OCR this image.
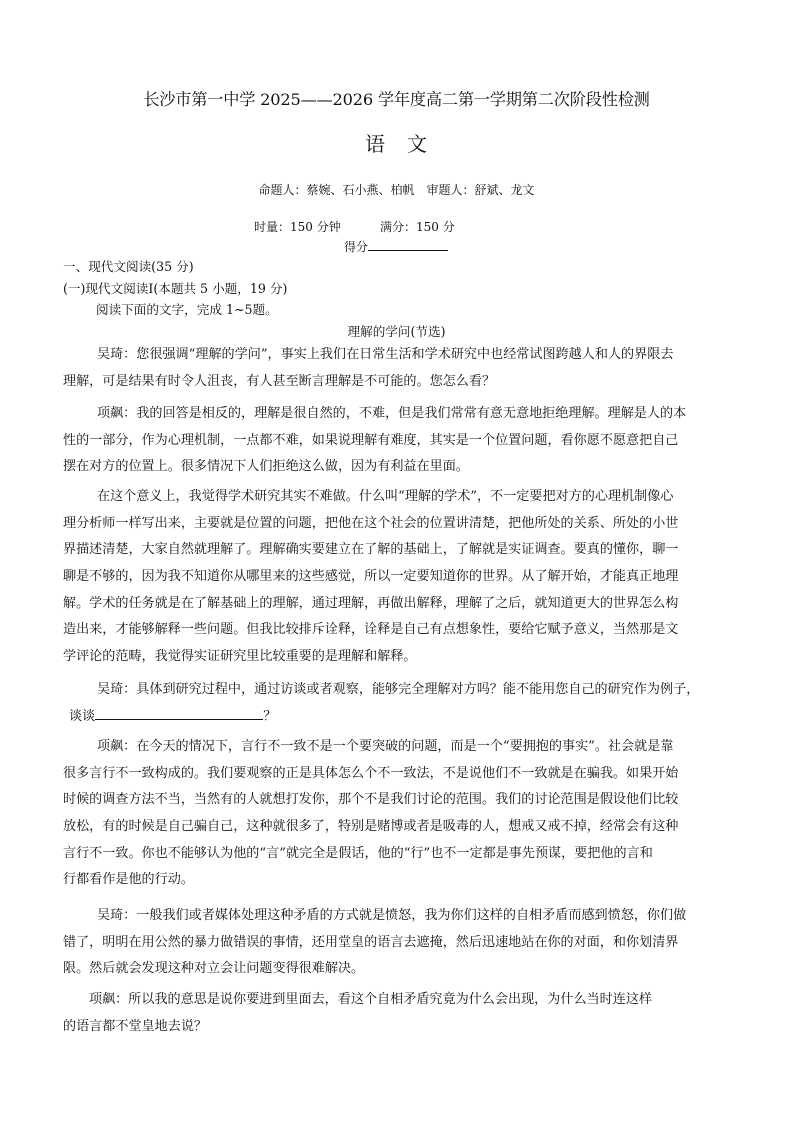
长沙市第一中学 2025——2026 学年度高二第一学期第二次阶段性检测
语　文
命题人：蔡婉、石小燕、柏帆　审题人：舒斌、龙文
时量：150 分钟	满分：150 分
得分
一、现代文阅读(35 分)
(一)现代文阅读Ⅰ(本题共 5 小题，19 分)
阅读下面的文字，完成 1~5题。
理解的学问(节选)
吴琦：您很强调“理解的学问”，事实上我们在日常生活和学术研究中也经常试图跨越人和人的界限去
理解，可是结果有时令人沮丧，有人甚至断言理解是不可能的。您怎么看？
项飙：我的回答是相反的，理解是很自然的，不难，但是我们常常有意无意地拒绝理解。理解是人的本
性的一部分，作为心理机制，一点都不难，如果说理解有难度，其实是一个位置问题，看你愿不愿意把自己
摆在对方的位置上。很多情况下人们拒绝这么做，因为有利益在里面。
在这个意义上，我觉得学术研究其实不难做。什么叫“理解的学术”，不一定要把对方的心理机制像心
理分析师一样写出来，主要就是位置的问题，把他在这个社会的位置讲清楚，把他所处的关系、所处的小世
界描述清楚，大家自然就理解了。理解确实要建立在了解的基础上，了解就是实证调查。要真的懂你，聊一
聊是不够的，因为我不知道你从哪里来的这些感觉，所以一定要知道你的世界。从了解开始，才能真正地理
解。学术的任务就是在了解基础上的理解，通过理解，再做出解释，理解了之后，就知道更大的世界怎么构
造出来，才能够解释一些问题。但我比较排斥诠释，诠释是自己有点想象性，要给它赋予意义，当然那是文
学评论的范畴，我觉得实证研究里比较重要的是理解和解释。
吴琦：具体到研究过程中，通过访谈或者观察，能够完全理解对方吗？能不能用您自己的研究作为例子，
谈谈	？
项飙：在今天的情况下，言行不一致不是一个要突破的问题，而是一个“要拥抱的事实”。社会就是靠
很多言行不一致构成的。我们要观察的正是具体怎么个不一致法，不是说他们不一致就是在骗我。如果开始
时候的调查方法不当，当然有的人就想打发你，那个不是我们讨论的范围。我们的讨论范围是假设他们比较
放松，有的时候是自己骗自己，这种就很多了，特别是赌博或者是吸毒的人，想戒又戒不掉，经常会有这种
言行不一致。你也不能够认为他的“言”就完全是假话，他的“行”也不一定都是事先预谋，要把他的言和
行都看作是他的行动。
吴琦：一般我们或者媒体处理这种矛盾的方式就是愤怒，我为你们这样的自相矛盾而感到愤怒，你们做
错了，明明在用公然的暴力做错误的事情，还用堂皇的语言去遮掩，然后迅速地站在你的对面，和你划清界
限。然后就会发现这种对立会让问题变得很难解决。
项飙：所以我的意思是说你要进到里面去，看这个自相矛盾究竟为什么会出现，为什么当时连这样
的语言都不堂皇地去说？
